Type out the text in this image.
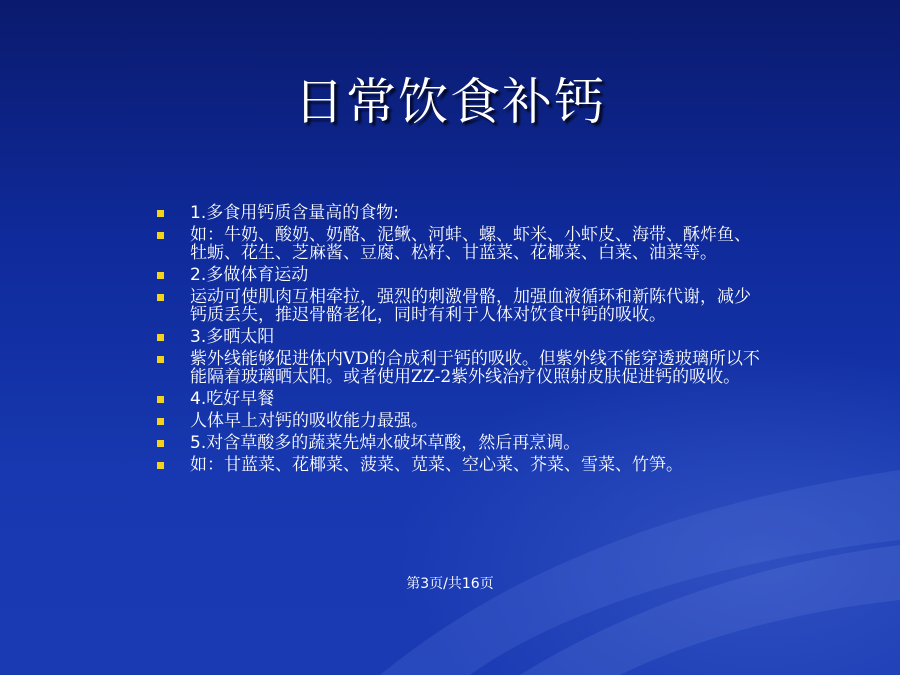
日常饮食补钙
1.多食用钙质含量高的食物:
如：牛奶、酸奶、奶酪、泥鳅、河蚌、螺、虾米、小虾皮、海带、酥炸鱼、牡蛎、花生、芝麻酱、豆腐、松籽、甘蓝菜、花椰菜、白菜、油菜等。
2.多做体育运动
运动可使肌肉互相牵拉，强烈的刺激骨骼，加强血液循环和新陈代谢，减少钙质丢失，推迟骨骼老化，同时有利于人体对饮食中钙的吸收。
3.多晒太阳
紫外线能够促进体内VD的合成利于钙的吸收。但紫外线不能穿透玻璃所以不能隔着玻璃晒太阳。或者使用ZZ-2紫外线治疗仪照射皮肤促进钙的吸收。
4.吃好早餐
人体早上对钙的吸收能力最强。
5.对含草酸多的蔬菜先焯水破坏草酸，然后再烹调。
如：甘蓝菜、花椰菜、菠菜、苋菜、空心菜、芥菜、雪菜、竹笋。
第3页/共16页
